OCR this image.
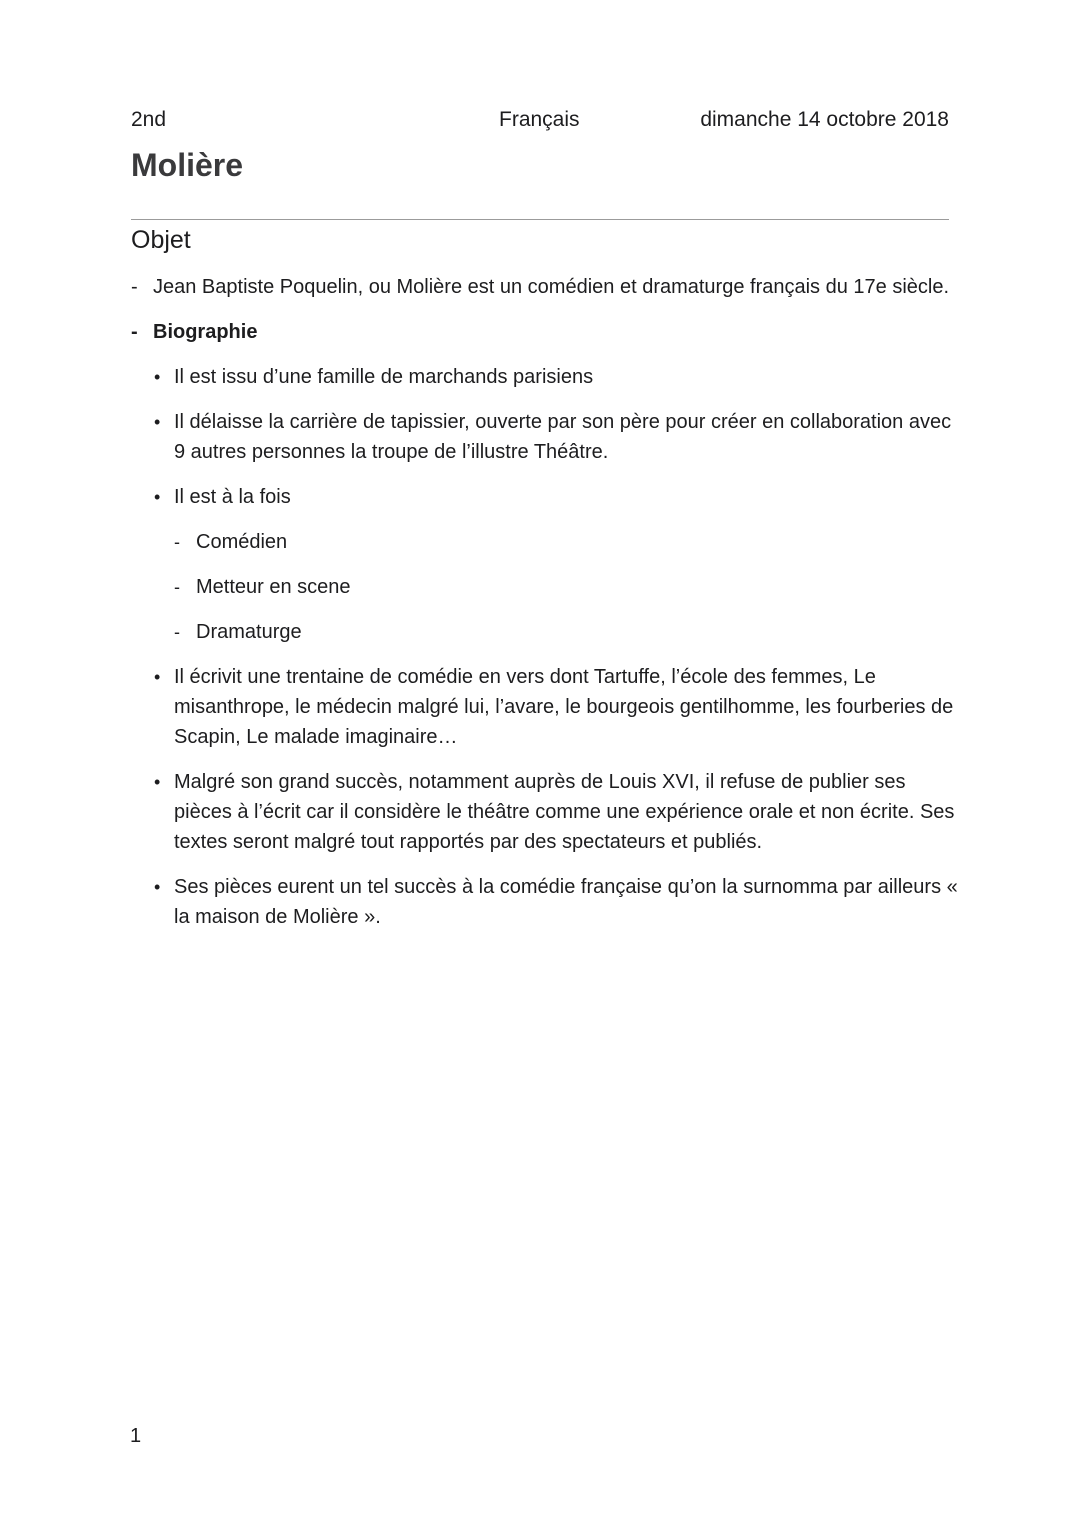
2nd	Français	dimanche 14 octobre 2018
Molière
Objet
- Jean Baptiste Poquelin, ou Molière est un comédien et dramaturge français du 17e siècle.
- Biographie
• Il est issu d’une famille de marchands parisiens
• Il délaisse la carrière de tapissier, ouverte par son père pour créer en collaboration avec 9 autres personnes la troupe de l’illustre Théâtre.
• Il est à la fois
- Comédien
- Metteur en scene
- Dramaturge
• Il écrivit une trentaine de comédie en vers dont Tartuffe, l’école des femmes, Le misanthrope, le médecin malgré lui, l’avare, le bourgeois gentilhomme, les fourberies de Scapin, Le malade imaginaire…
• Malgré son grand succès, notamment auprès de Louis XVI, il refuse de publier ses pièces à l’écrit car il considère le théâtre comme une expérience orale et non écrite. Ses textes seront malgré tout rapportés par des spectateurs et publiés.
• Ses pièces eurent un tel succès à la comédie française qu’on la surnomma par ailleurs « la maison de Molière ».
1
